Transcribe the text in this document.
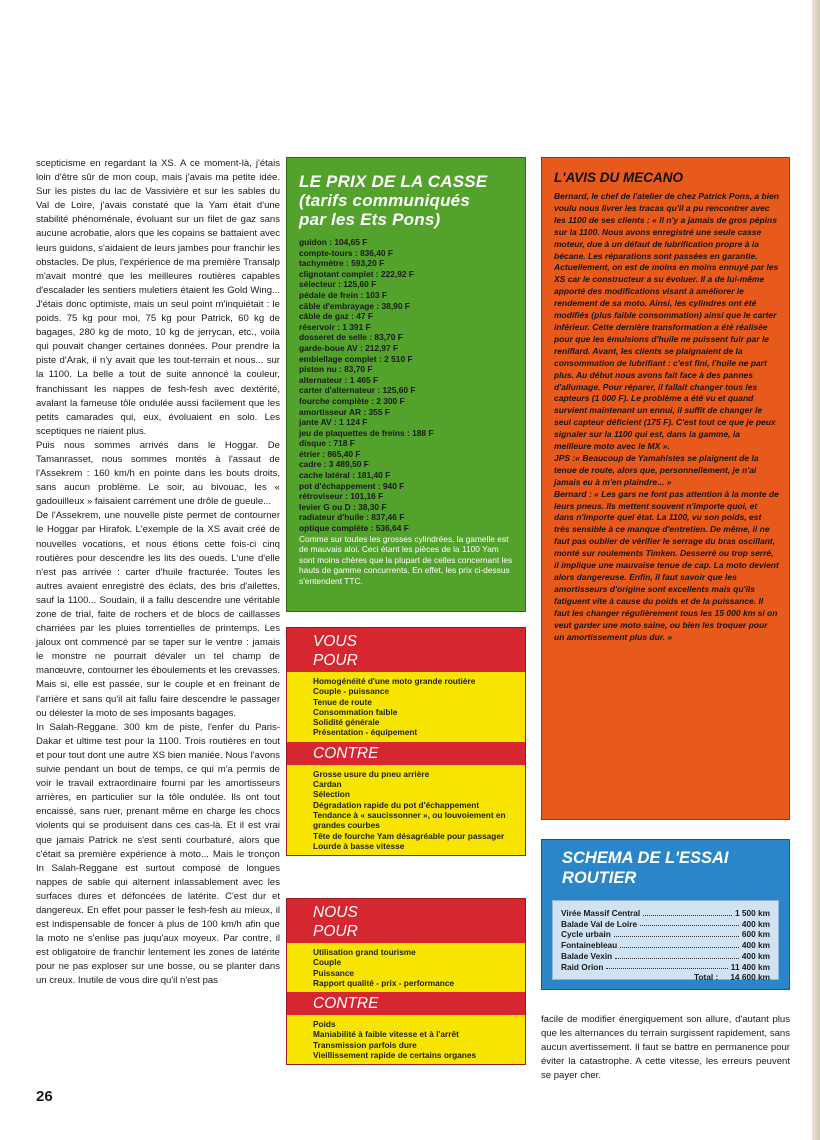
scepticisme en regardant la XS. A ce moment-là, j'étais loin d'être sûr de mon coup, mais j'avais ma petite idée. Sur les pistes du lac de Vassivière et sur les sables du Val de Loire, j'avais constaté que la Yam était d'une stabilité phénoménale, évoluant sur un filet de gaz sans aucune acrobatie, alors que les copains se battaient avec leurs guidons, s'aidaient de leurs jambes pour franchir les obstacles. De plus, l'expérience de ma première Transalp m'avait montré que les meilleures routières capables d'escalader les sentiers muletiers étaient les Gold Wing... J'étais donc optimiste, mais un seul point m'inquiétait : le poids. 75 kg pour moi, 75 kg pour Patrick, 60 kg de bagages, 280 kg de moto, 10 kg de jerrycan, etc., voilà qui pouvait changer certaines données. Pour prendre la piste d'Arak, il n'y avait que les tout-terrain et nous... sur la 1100. La belle a tout de suite annoncé la couleur, franchissant les nappes de fesh-fesh avec dextérité, avalant la fameuse tôle ondulée aussi facilement que les petits camarades qui, eux, évoluaient en solo. Les sceptiques ne riaient plus.

Puis nous sommes arrivés dans le Hoggar. De Tamanrasset, nous sommes montés à l'assaut de l'Assekrem : 160 km/h en pointe dans les bouts droits, sans aucun problème. Le soir, au bivouac, les « gadouilleux » faisaient carrément une drôle de gueule...

De l'Assekrem, une nouvelle piste permet de contourner le Hoggar par Hirafok. L'exemple de la XS avait créé de nouvelles vocations, et nous étions cette fois-ci cinq routières pour descendre les lits des oueds. L'une d'elle n'est pas arrivée : carter d'huile fracturée. Toutes les autres avaient enregistré des éclats, des bris d'ailettes, sauf la 1100... Soudain, il a fallu descendre une véritable zone de trial, faite de rochers et de blocs de caillasses charriées par les pluies torrentielles de printemps. Les jaloux ont commencé par se taper sur le ventre : jamais le monstre ne pourrait dévaler un tel champ de manœuvre, contourner les éboulements et les crevasses. Mais si, elle est passée, sur le couple et en freinant de l'arrière et sans qu'il ait fallu faire descendre le passager ou délester la moto de ses imposants bagages.

In Salah-Reggane. 300 km de piste, l'enfer du Paris-Dakar et ultime test pour la 1100. Trois routières en tout et pour tout dont une autre XS bien maniée. Nous l'avons suivie pendant un bout de temps, ce qui m'a permis de voir le travail extraordinaire fourni par les amortisseurs arrières, en particulier sur la tôle ondulée. Ils ont tout encaissé, sans ruer, prenant même en charge les chocs violents qui se produisent dans ces cas-là. Et il est vrai que jamais Patrick ne s'est senti courbaturé, alors que c'était sa première expérience à moto... Mais le tronçon In Salah-Reggane est surtout composé de longues nappes de sable qui alternent inlassablement avec les surfaces dures et défoncées de latérite. C'est dur et dangereux. En effet pour passer le fesh-fesh au mieux, il est indispensable de foncer à plus de 100 km/h afin que la moto ne s'enlise pas juqu'aux moyeux. Par contre, il est obligatoire de franchir lentement les zones de latérite pour ne pas exploser sur une bosse, ou se planter dans un creux. Inutile de vous dire qu'il n'est pas

LE PRIX DE LA CASSE
(tarifs communiqués
par les Ets Pons)
guidon : 104,65 F
compte-tours : 836,40 F
tachymètre : 593,20 F
clignotant complet : 222,92 F
sélecteur : 125,60 F
pédale de frein : 103 F
câble d'embrayage : 38,90 F
câble de gaz : 47 F
réservoir : 1 391 F
dosseret de selle : 83,70 F
garde-boue AV : 212,97 F
embiellage complet : 2 510 F
piston nu : 83,70 F
alternateur : 1 465 F
carter d'alternateur : 125,60 F
fourche complète : 2 300 F
amortisseur AR : 355 F
jante AV : 1 124 F
jeu de plaquettes de freins : 188 F
disque : 718 F
étrier : 865,40 F
cadre : 3 489,50 F
cache latéral : 181,40 F
pot d'échappement : 940 F
rétroviseur : 101,16 F
levier G ou D : 38,30 F
radiateur d'huile : 837,46 F
optique complète : 536,64 F
Comme sur toutes les grosses cylindrées, la gamelle est de mauvais aloi. Ceci étant les pièces de la 1100 Yam sont moins chères que la plupart de celles concernant les hauts de gamme concurrents. En effet, les prix ci-dessus s'entendent TTC.
VOUS
POUR
Homogénéité d'une moto grande routière
Couple - puissance
Tenue de route
Consommation faible
Solidité générale
Présentation - équipement
CONTRE
Grosse usure du pneu arrière
Cardan
Sélection
Dégradation rapide du pot d'échappement
Tendance à « saucissonner », ou louvoiement en grandes courbes
Tête de fourche Yam désagréable pour passager
Lourde à basse vitesse
NOUS
POUR
Utilisation grand tourisme
Couple
Puissance
Rapport qualité - prix - performance
CONTRE
Poids
Maniabilité à faible vitesse et à l'arrêt
Transmission parfois dure
Vieillissement rapide de certains organes
L'AVIS DU MECANO

Bernard, le chef de l'atelier de chez Patrick Pons, a bien voulu nous livrer les tracas qu'il a pu rencontrer avec les 1100 de ses clients : « Il n'y a jamais de gros pépins sur la 1100. Nous avons enregistré une seule casse moteur, due à un défaut de lubrification propre à la bécane. Les réparations sont passées en garantie. Actuellement, on est de moins en moins ennuyé par les XS car le constructeur a su évoluer. Il a de lui-même apporté des modifications visant à améliorer le rendement de sa moto. Ainsi, les cylindres ont été modifiés (plus faible consommation) ainsi que le carter inférieur. Cette dernière transformation a été réalisée pour que les émulsions d'huile ne puissent fuir par le reniflard. Avant, les clients se plaignaient de la consommation de lubrifiant : c'est fini, l'huile ne part plus. Au début nous avons fait face à des pannes d'allumage. Pour réparer, il fallait changer tous les capteurs (1 000 F). Le problème a été vu et quand survient maintenant un ennui, il suffit de changer le seul capteur déficient (175 F). C'est tout ce que je peux signaler sur la 1100 qui est, dans la gamme, la meilleure moto avec le MX ».

JPS :« Beaucoup de Yamahistes se plaignent de la tenue de route, alors que, personnellement, je n'ai jamais eu à m'en plaindre... »

Bernard : « Les gars ne font pas attention à la monte de leurs pneus. Ils mettent souvent n'importe quoi, et dans n'importe quel état. La 1100, vu son poids, est très sensible à ce manque d'entretien. De même, il ne faut pas oublier de vérifier le serrage du bras oscillant, monté sur roulements Timken. Desserré ou trop serré, il implique une mauvaise tenue de cap. La moto devient alors dangereuse. Enfin, il faut savoir que les amortisseurs d'origine sont excellents mais qu'ils fatiguent vite à cause du poids et de la puissance. Il faut les changer régulièrement tous les 15 000 km si on veut garder une moto saine, ou bien les troquer pour un amortissement plus dur. »

SCHEMA DE L'ESSAI
ROUTIER
Virée Massif Central	1 500 km
Balade Val de Loire	400 km
Cycle urbain	600 km
Fontainebleau	400 km
Balade Vexin	400 km
Raid Orion	11 400 km
Total : 14 600 km

facile de modifier énergiquement son allure, d'autant plus que les alternances du terrain surgissent rapidement, sans aucun avertissement. Il faut se battre en permanence pour éviter la catastrophe. A cette vitesse, les erreurs peuvent se payer cher.

26
